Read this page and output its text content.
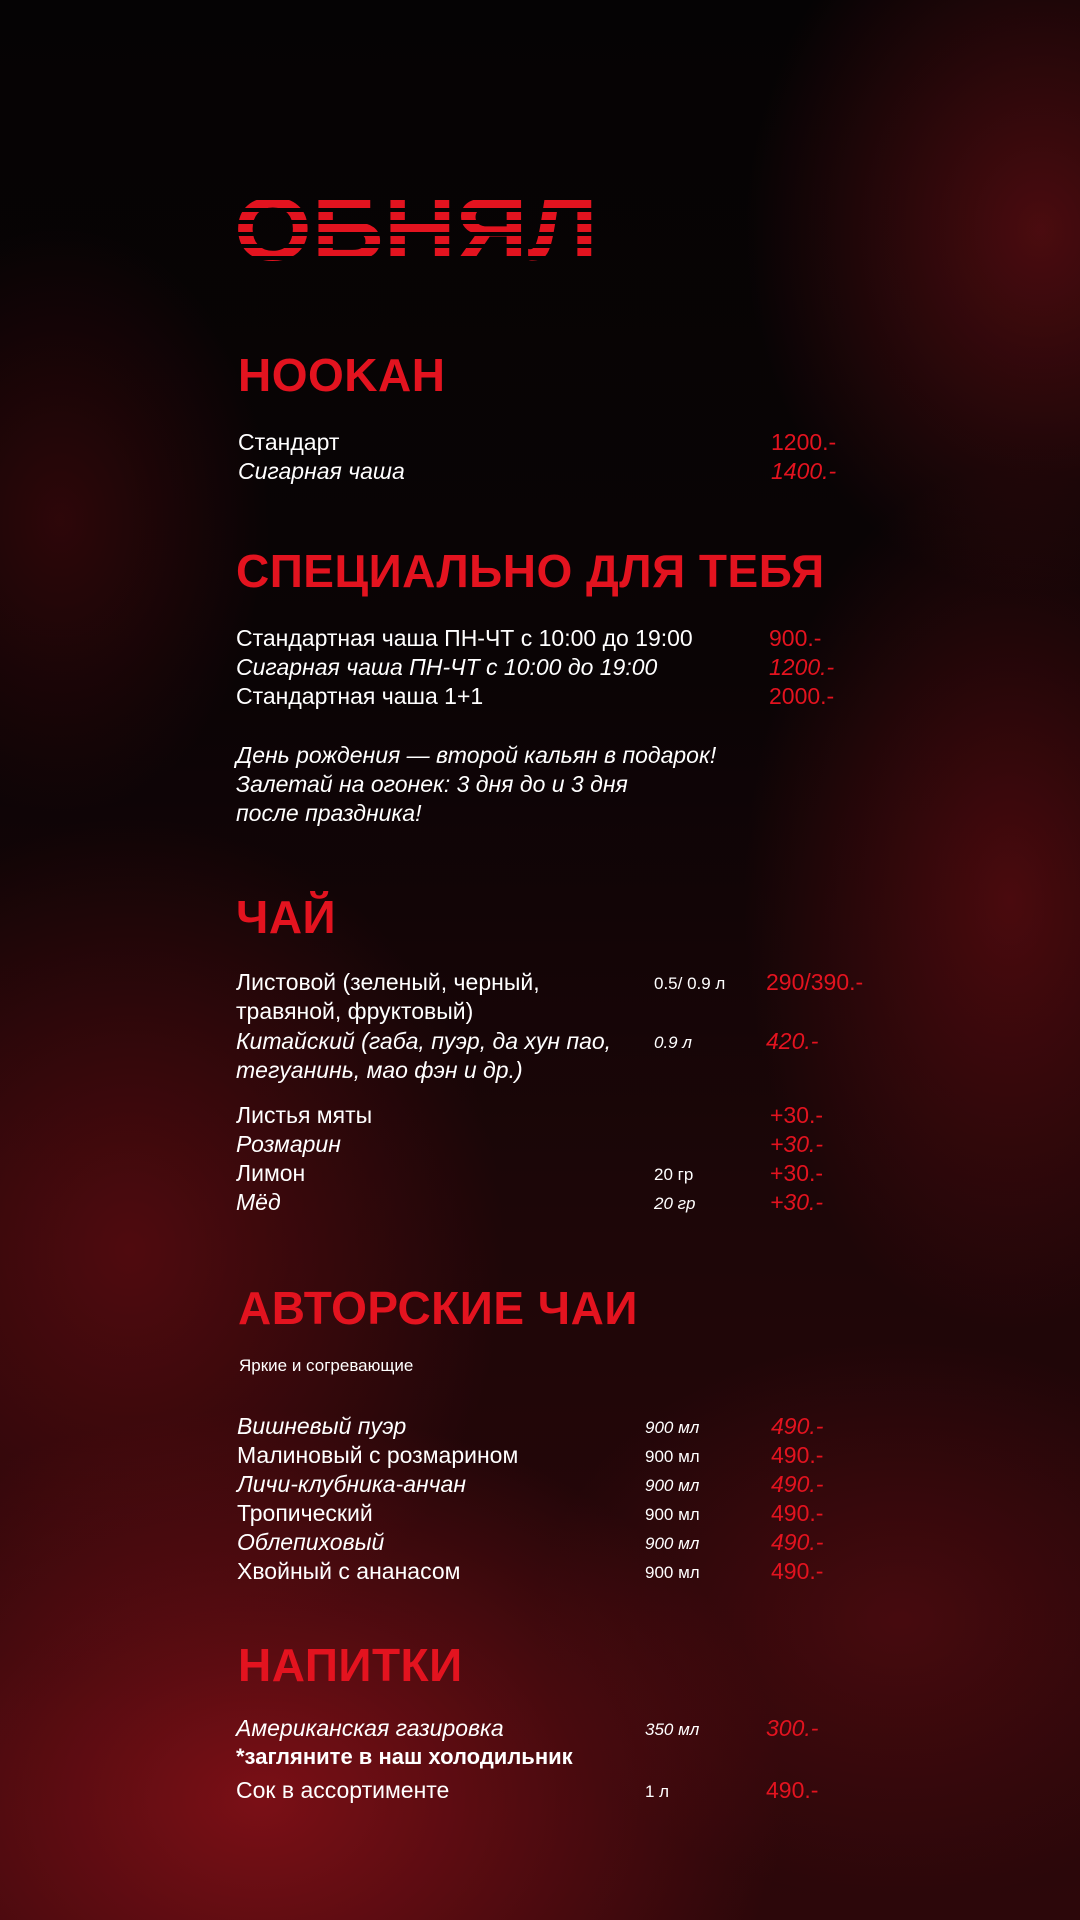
HOOKAH
Стандарт	1200.-
Сигарная чаша	1400.-
СПЕЦИАЛЬНО ДЛЯ ТЕБЯ
Стандартная чаша ПН-ЧТ с 10:00 до 19:00	900.-
Сигарная чаша ПН-ЧТ с 10:00 до 19:00	1200.-
Стандартная чаша 1+1	2000.-
День рождения — второй кальян в подарок!
Залетай на огонек: 3 дня до и 3 дня
после праздника!
ЧАЙ
Листовой (зеленый, черный,
травяной, фруктовый)
0.5/ 0.9 л 290/390.-
Китайский (габа, пуэр, да хун пао,
тегуанинь, мао фэн и др.)
0.9 л	420.-
Листья мяты	+30.-
Розмарин	+30.-
Лимон	20 гр	+30.-
Мёд	20 гр	+30.-
АВТОРСКИЕ ЧАИ
Яркие и согревающие
Вишневый пуэр	900 мл	490.-
Малиновый с розмарином	900 мл	490.-
Личи-клубника-анчан	900 мл	490.-
Тропический	900 мл	490.-
Облепиховый	900 мл	490.-
Хвойный с ананасом	900 мл	490.-
НАПИТКИ
Американская газировка	350 мл	300.-
*загляните в наш холодильник
Сок в ассортименте	1 л	490.-
